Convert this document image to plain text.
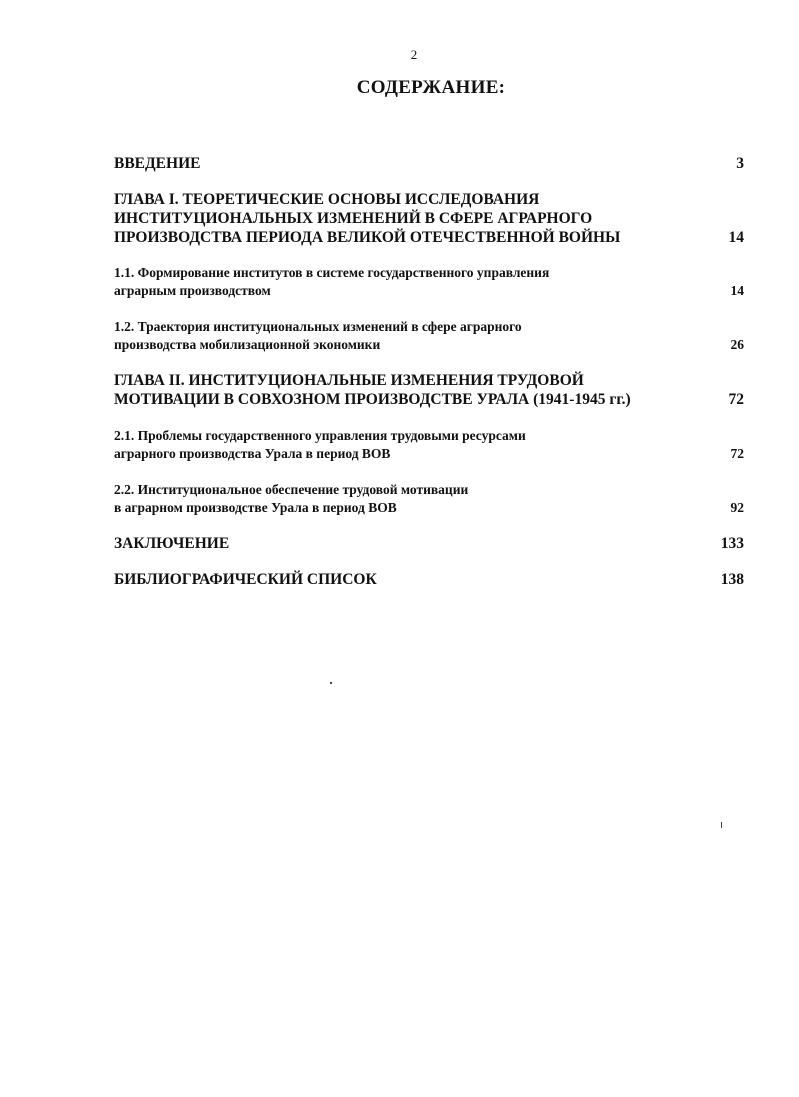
2
СОДЕРЖАНИЕ:
ВВЕДЕНИЕ	3
ГЛАВА I. ТЕОРЕТИЧЕСКИЕ ОСНОВЫ ИССЛЕДОВАНИЯ
ИНСТИТУЦИОНАЛЬНЫХ ИЗМЕНЕНИЙ В СФЕРЕ АГРАРНОГО
ПРОИЗВОДСТВА ПЕРИОДА ВЕЛИКОЙ ОТЕЧЕСТВЕННОЙ ВОЙНЫ	14
1.1. Формирование институтов в системе государственного управления
аграрным производством	14
1.2. Траектория институциональных изменений в сфере аграрного
производства мобилизационной экономики	26
ГЛАВА II. ИНСТИТУЦИОНАЛЬНЫЕ ИЗМЕНЕНИЯ ТРУДОВОЙ
МОТИВАЦИИ В СОВХОЗНОМ ПРОИЗВОДСТВЕ УРАЛА (1941-1945 гг.)	72
2.1. Проблемы государственного управления трудовыми ресурсами
аграрного производства Урала в период ВОВ	72
2.2. Институциональное обеспечение трудовой мотивации
в аграрном производстве Урала в период ВОВ	92
ЗАКЛЮЧЕНИЕ	133
БИБЛИОГРАФИЧЕСКИЙ СПИСОК	138
